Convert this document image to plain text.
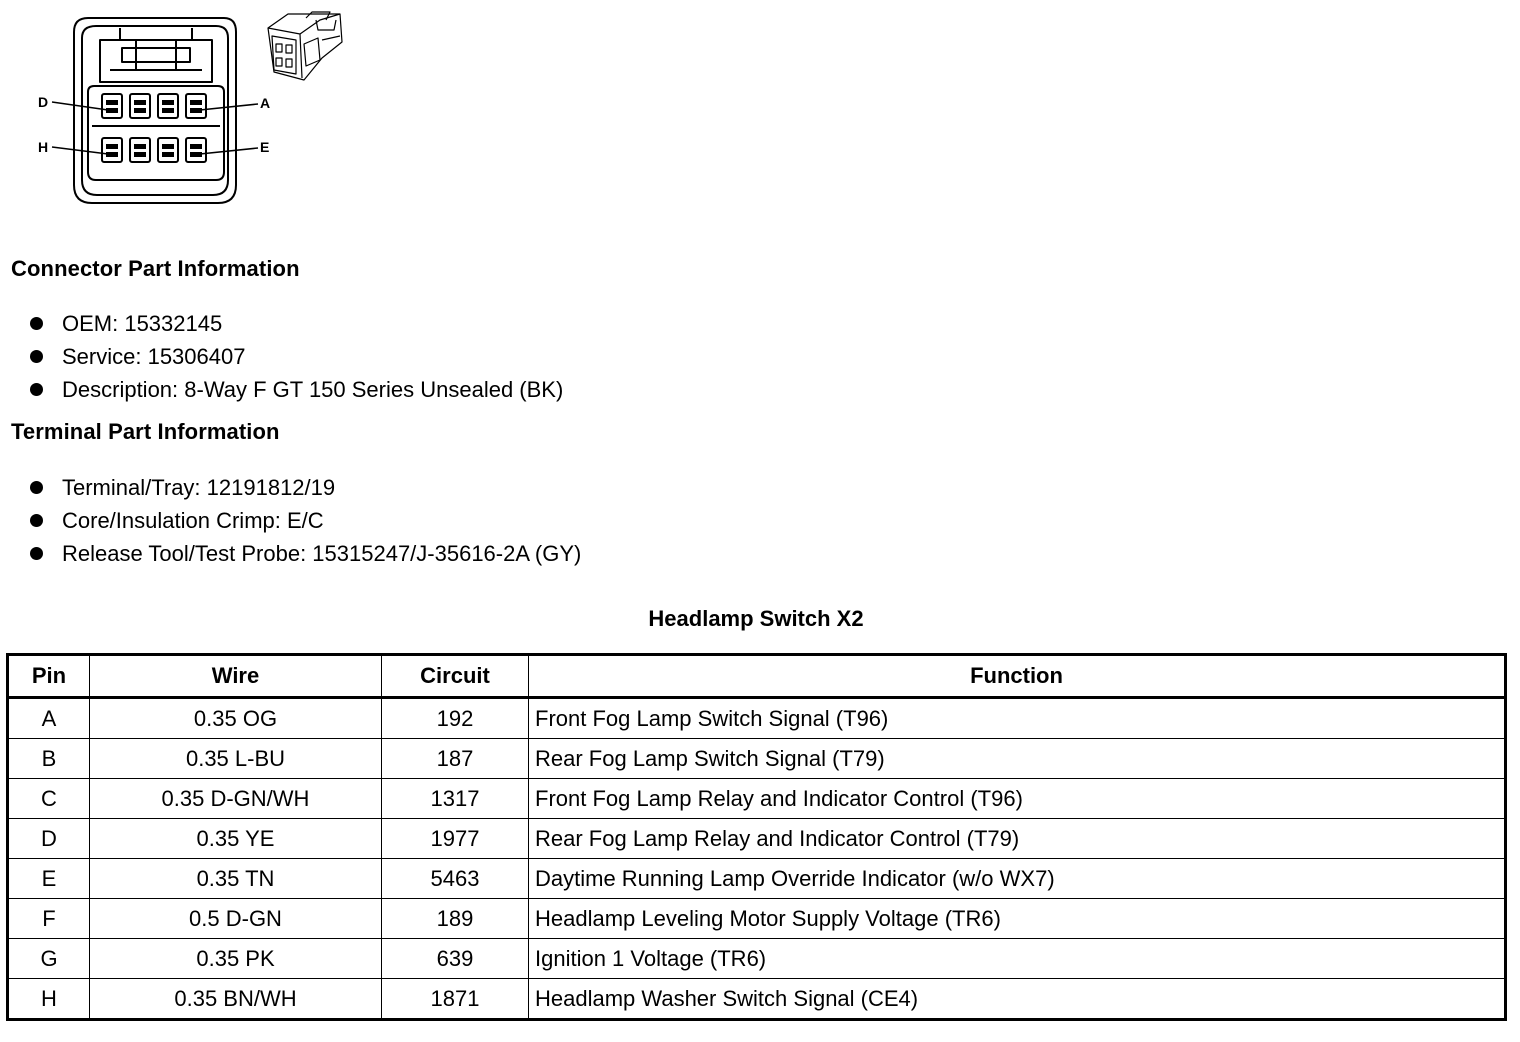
D	A
H	E
Connector Part Information
OEM: 15332145
Service: 15306407
Description: 8-Way F GT 150 Series Unsealed (BK)
Terminal Part Information
Terminal/Tray: 12191812/19
Core/Insulation Crimp: E/C
Release Tool/Test Probe: 15315247/J-35616-2A (GY)
Headlamp Switch X2
Pin	Wire	Circuit	Function
A	0.35 OG	192	Front Fog Lamp Switch Signal (T96)
B	0.35 L-BU	187	Rear Fog Lamp Switch Signal (T79)
C	0.35 D-GN/WH	1317	Front Fog Lamp Relay and Indicator Control (T96)
D	0.35 YE	1977	Rear Fog Lamp Relay and Indicator Control (T79)
E	0.35 TN	5463	Daytime Running Lamp Override Indicator (w/o WX7)
F	0.5 D-GN	189	Headlamp Leveling Motor Supply Voltage (TR6)
G	0.35 PK	639	Ignition 1 Voltage (TR6)
H	0.35 BN/WH	1871	Headlamp Washer Switch Signal (CE4)
